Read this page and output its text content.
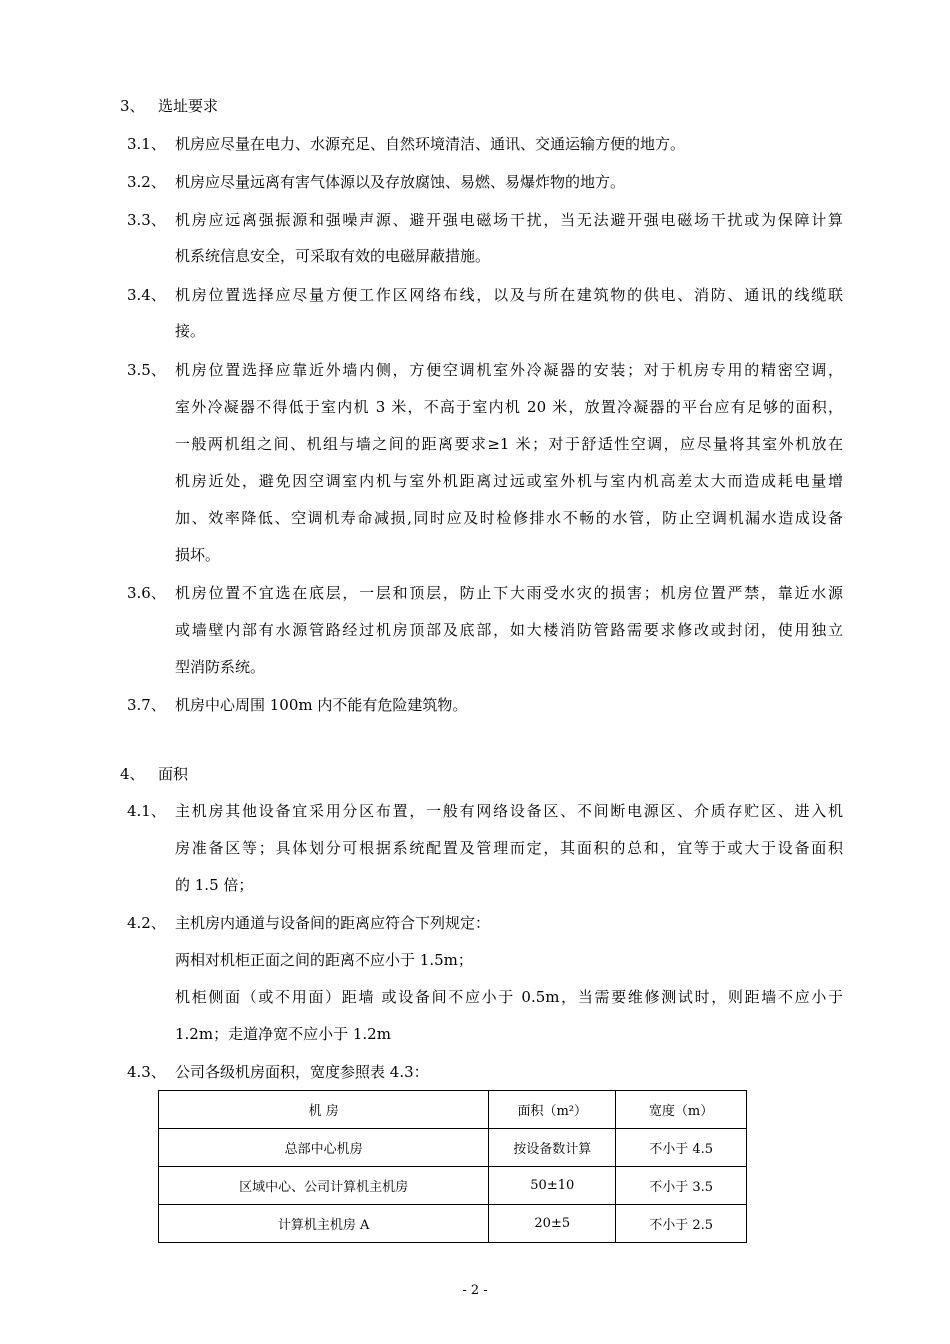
3、 选址要求
3.1、 机房应尽量在电力、水源充足、自然环境清洁、通讯、交通运输方便的地方。
3.2、 机房应尽量远离有害气体源以及存放腐蚀、易燃、易爆炸物的地方。
3.3、 机房应远离强振源和强噪声源、避开强电磁场干扰，当无法避开强电磁场干扰或为保障计算
机系统信息安全，可采取有效的电磁屏蔽措施。
3.4、 机房位置选择应尽量方便工作区网络布线，以及与所在建筑物的供电、消防、通讯的线缆联
接。
3.5、 机房位置选择应靠近外墙内侧，方便空调机室外冷凝器的安装；对于机房专用的精密空调，
室外冷凝器不得低于室内机 3 米，不高于室内机 20 米，放置冷凝器的平台应有足够的面积，
一般两机组之间、机组与墙之间的距离要求≥1 米；对于舒适性空调，应尽量将其室外机放在
机房近处，避免因空调室内机与室外机距离过远或室外机与室内机高差太大而造成耗电量增
加、效率降低、空调机寿命减损,同时应及时检修排水不畅的水管，防止空调机漏水造成设备
损坏。
3.6、 机房位置不宜选在底层，一层和顶层，防止下大雨受水灾的损害；机房位置严禁，靠近水源
或墙壁内部有水源管路经过机房顶部及底部，如大楼消防管路需要求修改或封闭，使用独立
型消防系统。
3.7、 机房中心周围 100m 内不能有危险建筑物。
4、 面积
4.1、 主机房其他设备宜采用分区布置，一般有网络设备区、不间断电源区、介质存贮区、进入机
房准备区等；具体划分可根据系统配置及管理而定，其面积的总和，宜等于或大于设备面积
的 1.5 倍；
4.2、 主机房内通道与设备间的距离应符合下列规定：
两相对机柜正面之间的距离不应小于 1.5m；
机柜侧面（或不用面）距墙 或设备间不应小于 0.5m，当需要维修测试时，则距墙不应小于
1.2m；走道净宽不应小于 1.2m
4.3、 公司各级机房面积，宽度参照表 4.3：
机 房	面积（m²）	宽度（m）
总部中心机房	按设备数计算	不小于 4.5
区域中心、公司计算机主机房	50±10	不小于 3.5
计算机主机房 A	20±5	不小于 2.5
- 2 -
